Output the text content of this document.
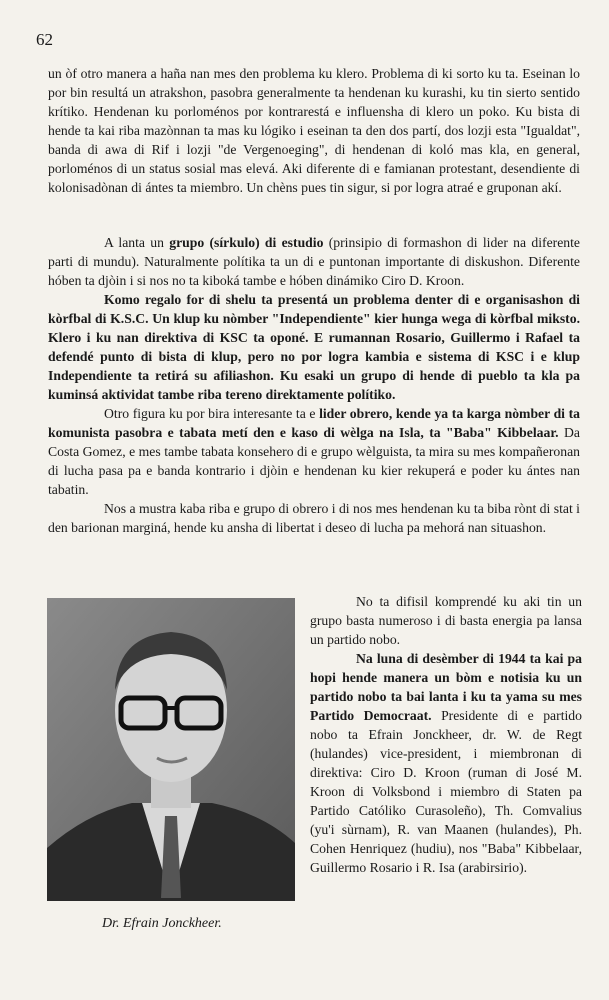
62

un òf otro manera a haña nan mes den problema ku klero. Problema di ki sorto ku ta. Eseinan lo por bin resultá un atrakshon, pasobra generalmente ta hendenan ku kurashi, ku tin sierto sentido krítiko. Hendenan ku porloménos por kontrarestá e influensha di klero un poko. Ku bista di hende ta kai riba mazònnan ta mas ku lógiko i eseinan ta den dos partí, dos lozji esta "Igualdat", banda di awa di Rif i lozji "de Vergenoeging", di hendenan di koló mas kla, en general, porloménos di un status sosial mas elevá. Aki diferente di e famianan protestant, desendiente di kolonisadònan di ántes ta miembro. Un chèns pues tin sigur, si por logra atraé e gruponan akí.

A lanta un grupo (sírkulo) di estudio (prinsipio di formashon di lider na diferente parti di mundu). Naturalmente polítika ta un di e puntonan importante di diskushon. Diferente hóben ta djòin i si nos no ta kiboká tambe e hóben dinámiko Ciro D. Kroon.

Komo regalo for di shelu ta presentá un problema denter di e organisashon di kòrfbal di K.S.C. Un klup ku nòmber "Independiente" kier hunga wega di kòrfbal miksto. Klero i ku nan direktiva di KSC ta oponé. E rumannan Rosario, Guillermo i Rafael ta defendé punto di bista di klup, pero no por logra kambia e sistema di KSC i e klup Independiente ta retirá su afiliashon. Ku esaki un grupo di hende di pueblo ta kla pa kuminsá aktividat tambe riba tereno direktamente polítiko.

Otro figura ku por bira interesante ta e lider obrero, kende ya ta karga nòmber di ta komunista pasobra e tabata metí den e kaso di wèlga na Isla, ta "Baba" Kibbelaar. Da Costa Gomez, e mes tambe tabata konsehero di e grupo wèlguista, ta mira su mes kompañeronan di lucha pasa pa e banda kontrario i djòin e hendenan ku kier rekuperá e poder ku ántes nan tabatin.

Nos a mustra kaba riba e grupo di obrero i di nos mes hendenan ku ta biba rònt di stat i den barionan marginá, hende ku ansha di libertat i deseo di lucha pa mehorá nan situashon.

Dr. Efrain Jonckheer.

No ta difisil komprendé ku aki tin un grupo basta numeroso i di basta energia pa lansa un partido nobo.

Na luna di desèmber di 1944 ta kai pa hopi hende manera un bòm e notisia ku un partido nobo ta bai lanta i ku ta yama su mes Partido Democraat. Presidente di e partido nobo ta Efrain Jonckheer, dr. W. de Regt (hulandes) vice-president, i miembronan di direktiva: Ciro D. Kroon (ruman di José M. Kroon di Volksbond i miembro di Staten pa Partido Católiko Curasoleño), Th. Comvalius (yu'i sùrnam), R. van Maanen (hulandes), Ph. Cohen Henriquez (hudiu), nos "Baba" Kibbelaar, Guillermo Rosario i R. Isa (arabirsirio).
